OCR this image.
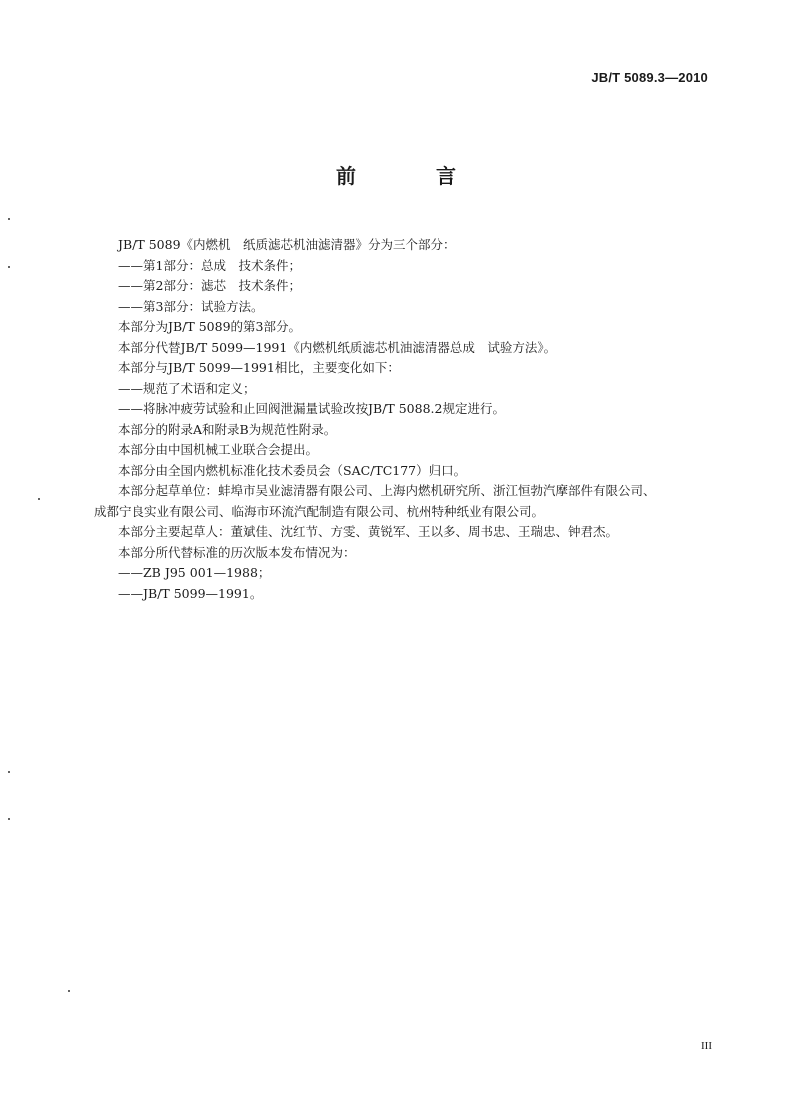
JB/T 5089.3—2010
前　言
JB/T 5089《内燃机　纸质滤芯机油滤清器》分为三个部分：
——第1部分：总成　技术条件；
——第2部分：滤芯　技术条件；
——第3部分：试验方法。
本部分为JB/T 5089的第3部分。
本部分代替JB/T 5099—1991《内燃机纸质滤芯机油滤清器总成　试验方法》。
本部分与JB/T 5099—1991相比，主要变化如下：
——规范了术语和定义；
——将脉冲疲劳试验和止回阀泄漏量试验改按JB/T 5088.2规定进行。
本部分的附录A和附录B为规范性附录。
本部分由中国机械工业联合会提出。
本部分由全国内燃机标准化技术委员会（SAC/TC177）归口。
本部分起草单位：蚌埠市吴业滤清器有限公司、上海内燃机研究所、浙江恒勃汽摩部件有限公司、
成都宁良实业有限公司、临海市环流汽配制造有限公司、杭州特种纸业有限公司。
本部分主要起草人：董斌佳、沈红节、方雯、黄锐军、王以多、周书忠、王瑞忠、钟君杰。
本部分所代替标准的历次版本发布情况为：
——ZB J95 001—1988；
——JB/T 5099—1991。
III
